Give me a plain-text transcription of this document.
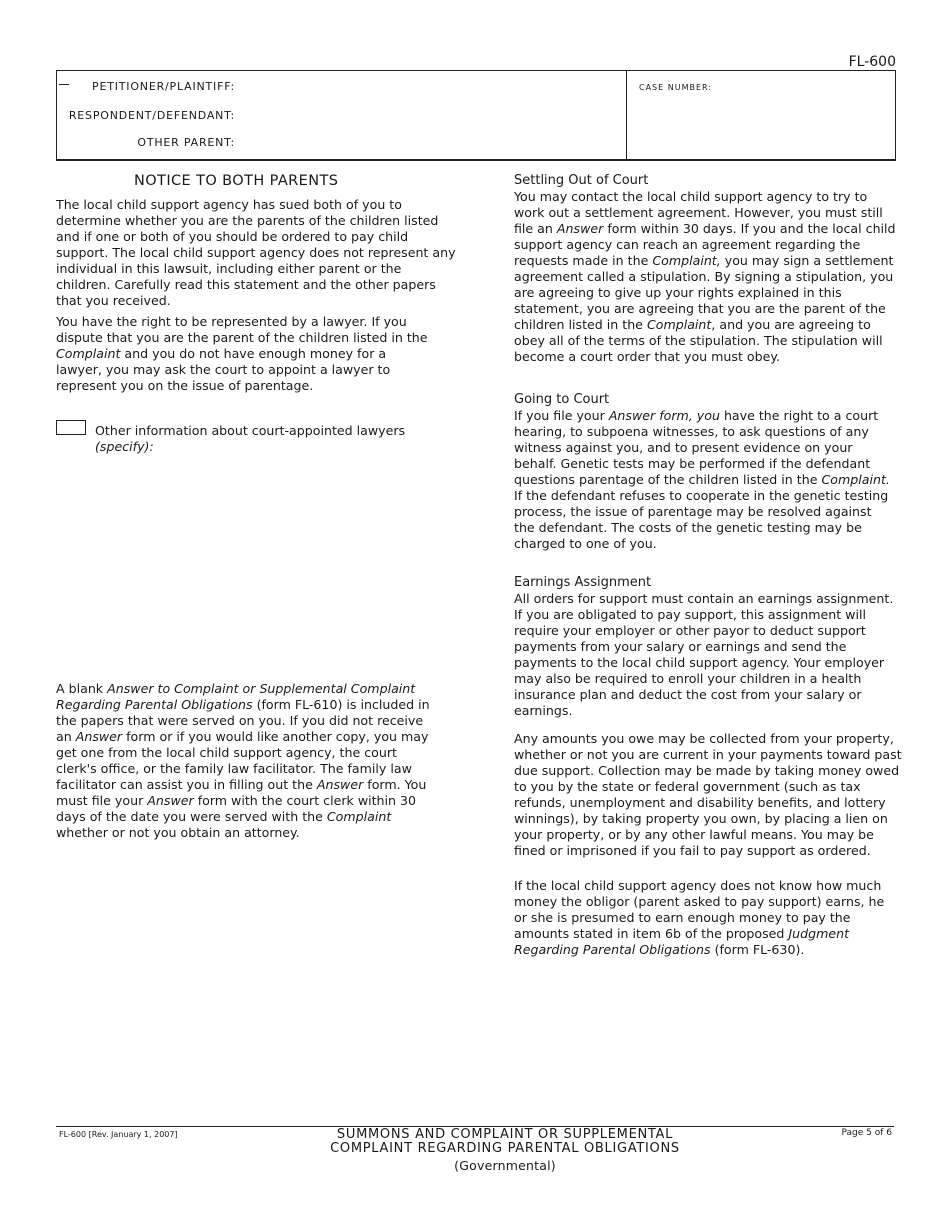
FL-600
PETITIONER/PLAINTIFF:
RESPONDENT/DEFENDANT:
OTHER PARENT:
CASE NUMBER:
NOTICE TO BOTH PARENTS

The local child support agency has sued both of you to determine whether you are the parents of the children listed and if one or both of you should be ordered to pay child support. The local child support agency does not represent any individual in this lawsuit, including either parent or the children. Carefully read this statement and the other papers that you received.

You have the right to be represented by a lawyer. If you dispute that you are the parent of the children listed in the Complaint and you do not have enough money for a lawyer, you may ask the court to appoint a lawyer to represent you on the issue of parentage.

Other information about court-appointed lawyers

(specify):

A blank Answer to Complaint or Supplemental Complaint Regarding Parental Obligations (form FL-610) is included in the papers that were served on you. If you did not receive an Answer form or if you would like another copy, you may get one from the local child support agency, the court clerk's office, or the family law facilitator. The family law facilitator can assist you in filling out the Answer form. You must file your Answer form with the court clerk within 30 days of the date you were served with the Complaint whether or not you obtain an attorney.

Settling Out of Court

You may contact the local child support agency to try to work out a settlement agreement. However, you must still file an Answer form within 30 days. If you and the local child support agency can reach an agreement regarding the requests made in the Complaint, you may sign a settlement agreement called a stipulation. By signing a stipulation, you are agreeing to give up your rights explained in this statement, you are agreeing that you are the parent of the children listed in the Complaint, and you are agreeing to obey all of the terms of the stipulation. The stipulation will become a court order that you must obey.

Going to Court

If you file your Answer form, you have the right to a court hearing, to subpoena witnesses, to ask questions of any witness against you, and to present evidence on your behalf. Genetic tests may be performed if the defendant questions parentage of the children listed in the Complaint. If the defendant refuses to cooperate in the genetic testing process, the issue of parentage may be resolved against the defendant. The costs of the genetic testing may be charged to one of you.

Earnings Assignment

All orders for support must contain an earnings assignment. If you are obligated to pay support, this assignment will require your employer or other payor to deduct support payments from your salary or earnings and send the payments to the local child support agency. Your employer may also be required to enroll your children in a health insurance plan and deduct the cost from your salary or earnings.

Any amounts you owe may be collected from your property, whether or not you are current in your payments toward past due support. Collection may be made by taking money owed to you by the state or federal government (such as tax refunds, unemployment and disability benefits, and lottery winnings), by taking property you own, by placing a lien on your property, or by any other lawful means. You may be fined or imprisoned if you fail to pay support as ordered.

If the local child support agency does not know how much money the obligor (parent asked to pay support) earns, he or she is presumed to earn enough money to pay the amounts stated in item 6b of the proposed Judgment Regarding Parental Obligations (form FL-630).

FL-600 [Rev. January 1, 2007]	SUMMONS AND COMPLAINT OR SUPPLEMENTAL
COMPLAINT REGARDING PARENTAL OBLIGATIONS
(Governmental)
Page 5 of 6
